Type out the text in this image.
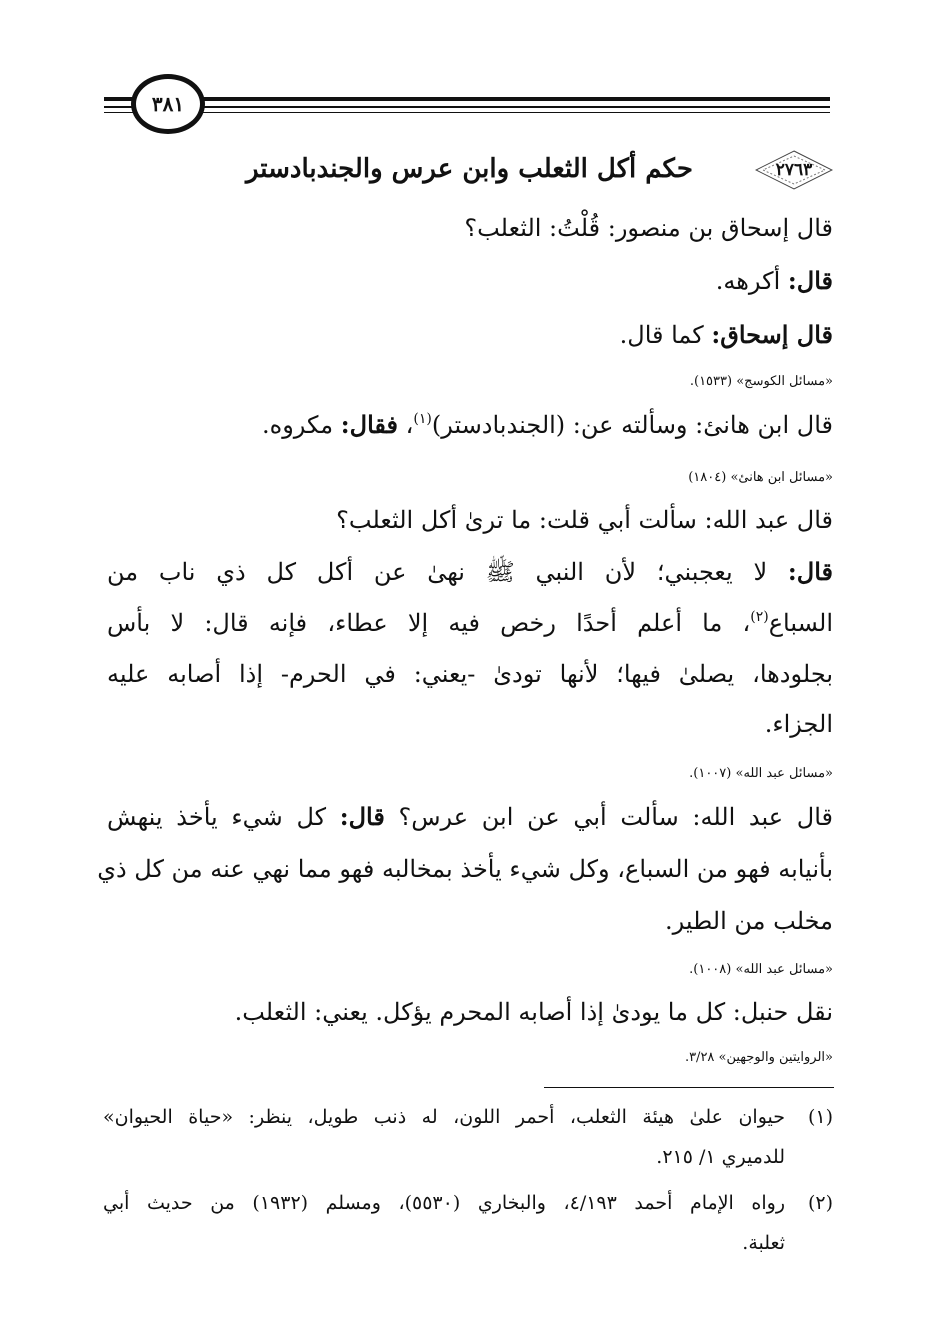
٣٨١
٢٧٦٣
حكم أكل الثعلب وابن عرس والجندبادستر
قال إسحاق بن منصور: قُلْتُ: الثعلب؟
قال: أكرهه.
قال إسحاق: كما قال.
«مسائل الكوسج» (١٥٣٣).
قال ابن هانئ: وسألته عن: (الجندبادستر)$^{(١)}$، فقال: مكروه.
«مسائل ابن هانئ» (١٨٠٤)
قال عبد الله: سألت أبي قلت: ما ترىٰ أكل الثعلب؟
قال: لا يعجبني؛ لأن النبي ﷺ نهىٰ عن أكل كل ذي ناب من
السباع$^{(٢)}$، ما أعلم أحدًا رخص فيه إلا عطاء، فإنه قال: لا بأس
بجلودها، يصلىٰ فيها؛ لأنها تودىٰ -يعني: في الحرم- إذا أصابه عليه
الجزاء.
«مسائل عبد الله» (١٠٠٧).
قال عبد الله: سألت أبي عن ابن عرس؟ قال: كل شيء يأخذ ينهش
بأنيابه فهو من السباع، وكل شيء يأخذ بمخالبه فهو مما نهي عنه من كل ذي
مخلب من الطير.
«مسائل عبد الله» (١٠٠٨).
نقل حنبل: كل ما يودىٰ إذا أصابه المحرم يؤكل. يعني: الثعلب.
«الروايتين والوجهين» ٣/٢٨.
(١)
حيوان علىٰ هيئة الثعلب، أحمر اللون، له ذنب طويل، ينظر: «حياة الحيوان»
للدميري ١/ ٢١٥.
(٢)
رواه الإمام أحمد ٤/١٩٣، والبخاري (٥٥٣٠)، ومسلم (١٩٣٢) من حديث أبي
ثعلبة.
